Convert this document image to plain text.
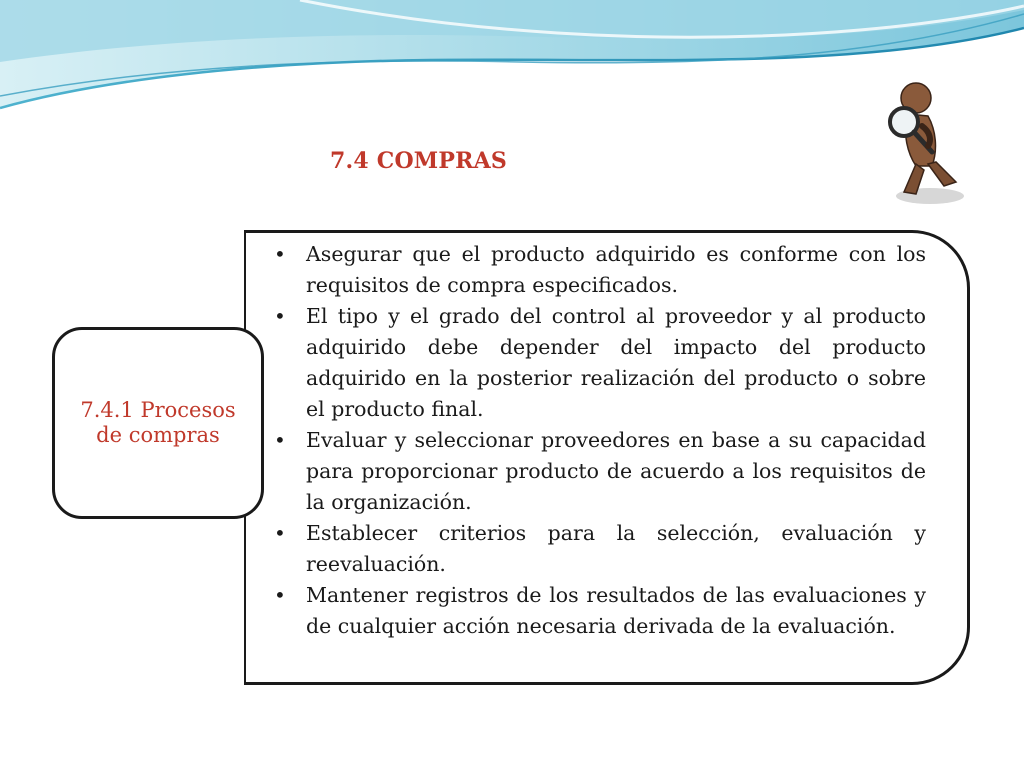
7.4 COMPRAS
• Asegurar que el producto adquirido es conforme con los requisitos de compra especificados.
• El tipo y el grado del control al proveedor y al producto adquirido debe depender del impacto del producto adquirido en la posterior realización del producto o sobre el producto final.
• Evaluar y seleccionar proveedores en base a su capacidad para proporcionar producto de acuerdo a los requisitos de la organización.
• Establecer criterios para la selección, evaluación y reevaluación.
• Mantener registros de los resultados de las evaluaciones y de cualquier acción necesaria derivada de la evaluación.
7.4.1 Procesos de compras
